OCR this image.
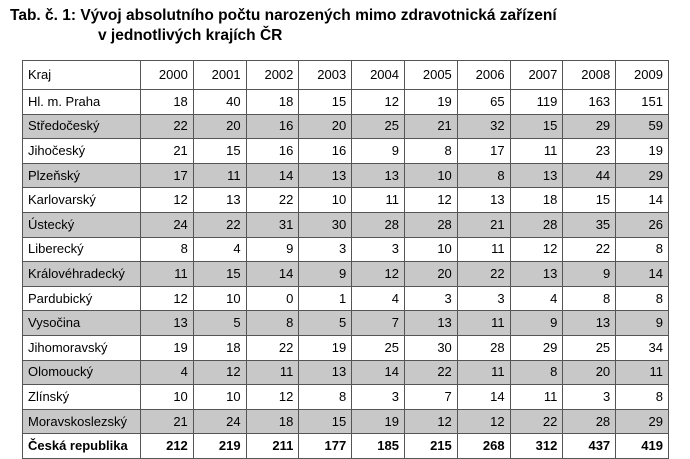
Tab. č. 1: Vývoj absolutního počtu narozených mimo zdravotnická zařízení
v jednotlivých krajích ČR
Kraj	2000	2001	2002	2003	2004	2005	2006	2007	2008	2009
Hl. m. Praha	18	40	18	15	12	19	65	119	163	151
Středočeský	22	20	16	20	25	21	32	15	29	59
Jihočeský	21	15	16	16	9	8	17	11	23	19
Plzeňský	17	11	14	13	13	10	8	13	44	29
Karlovarský	12	13	22	10	11	12	13	18	15	14
Ústecký	24	22	31	30	28	28	21	28	35	26
Liberecký	8	4	9	3	3	10	11	12	22	8
Královéhradecký	11	15	14	9	12	20	22	13	9	14
Pardubický	12	10	0	1	4	3	3	4	8	8
Vysočina	13	5	8	5	7	13	11	9	13	9
Jihomoravský	19	18	22	19	25	30	28	29	25	34
Olomoucký	4	12	11	13	14	22	11	8	20	11
Zlínský	10	10	12	8	3	7	14	11	3	8
Moravskoslezský	21	24	18	15	19	12	12	22	28	29
Česká republika	212	219	211	177	185	215	268	312	437	419
